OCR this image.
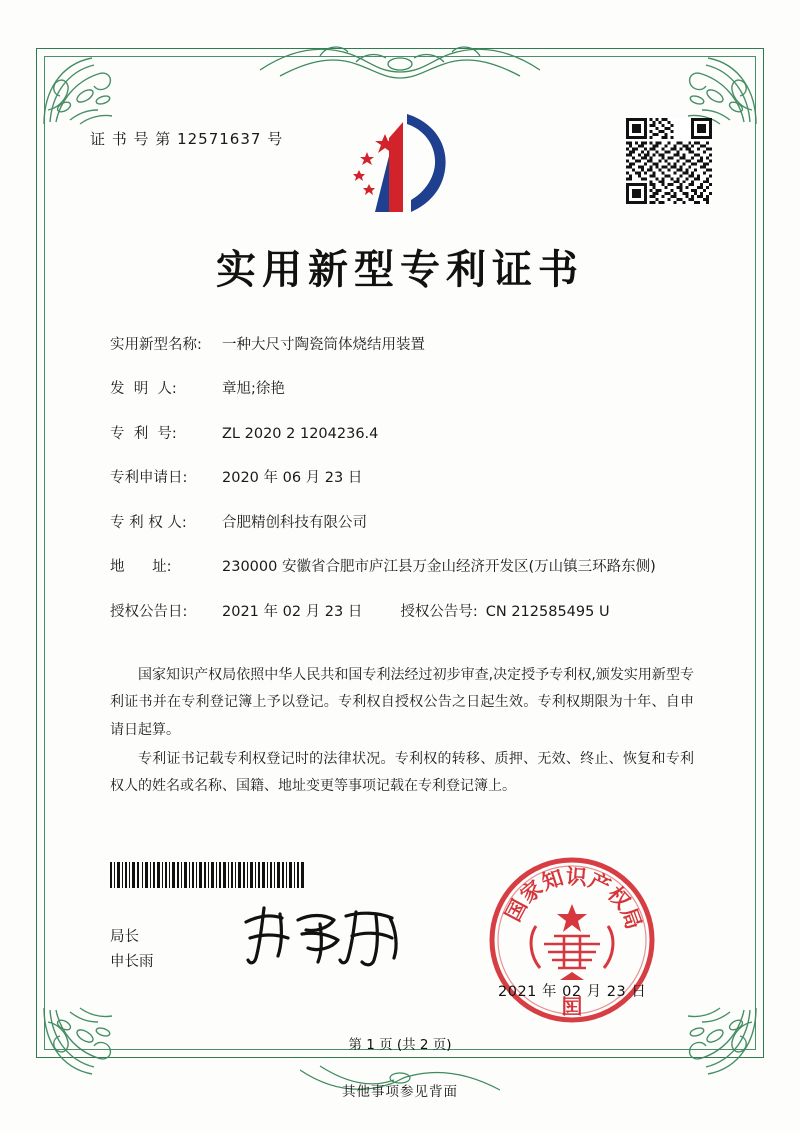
证 书 号 第 12571637 号
实用新型专利证书
实用新型名称:	一种大尺寸陶瓷筒体烧结用装置
发  明  人:	章旭;徐艳
专  利  号:	ZL 2020 2 1204236.4
专利申请日:	2020 年 06 月 23 日
专 利 权 人:	合肥精创科技有限公司
地      址:	230000 安徽省合肥市庐江县万金山经济开发区(万山镇三环路东侧)
授权公告日:	2021 年 02 月 23 日	授权公告号: CN 212585495 U

国家知识产权局依照中华人民共和国专利法经过初步审查,决定授予专利权,颁发实用新型专利证书并在专利登记簿上予以登记。专利权自授权公告之日起生效。专利权期限为十年、自申请日起算。

专利证书记载专利权登记时的法律状况。专利权的转移、质押、无效、终止、恢复和专利权人的姓名或名称、国籍、地址变更等事项记载在专利登记簿上。

局长
申长雨
国
家
知
识
产
权
局
国
2021 年 02 月 23 日
第 1 页 (共 2 页)
其他事项参见背面
